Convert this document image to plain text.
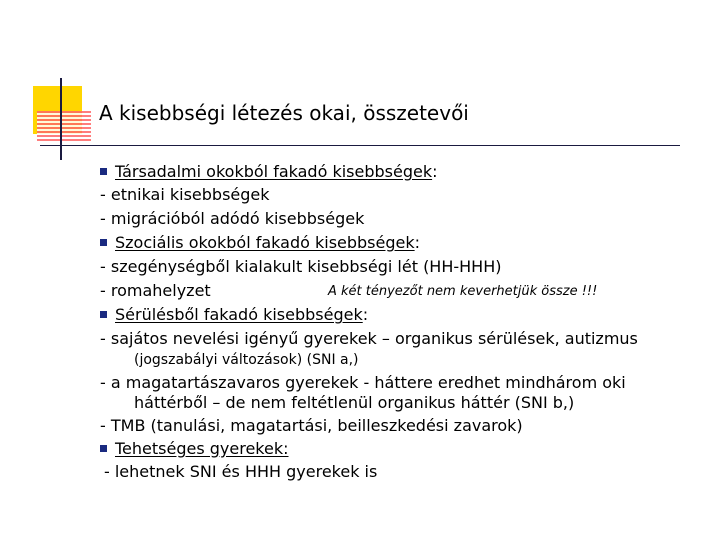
A kisebbségi létezés okai, összetevői
Társadalmi okokból fakadó kisebbségek:
- etnikai kisebbségek
- migrációból adódó kisebbségek
Szociális okokból fakadó kisebbségek:
- szegénységből kialakult kisebbségi lét (HH-HHH)
- romahelyzet	A két tényezőt nem keverhetjük össze !!!
Sérülésből fakadó kisebbségek:
- sajátos nevelési igényű gyerekek – organikus sérülések, autizmus
(jogszabályi változások) (SNI a,)
- a magatartászavaros gyerekek - háttere eredhet mindhárom oki
háttérből – de nem feltétlenül organikus háttér (SNI b,)
- TMB (tanulási, magatartási, beilleszkedési zavarok)
Tehetséges gyerekek:
- lehetnek SNI és HHH gyerekek is
